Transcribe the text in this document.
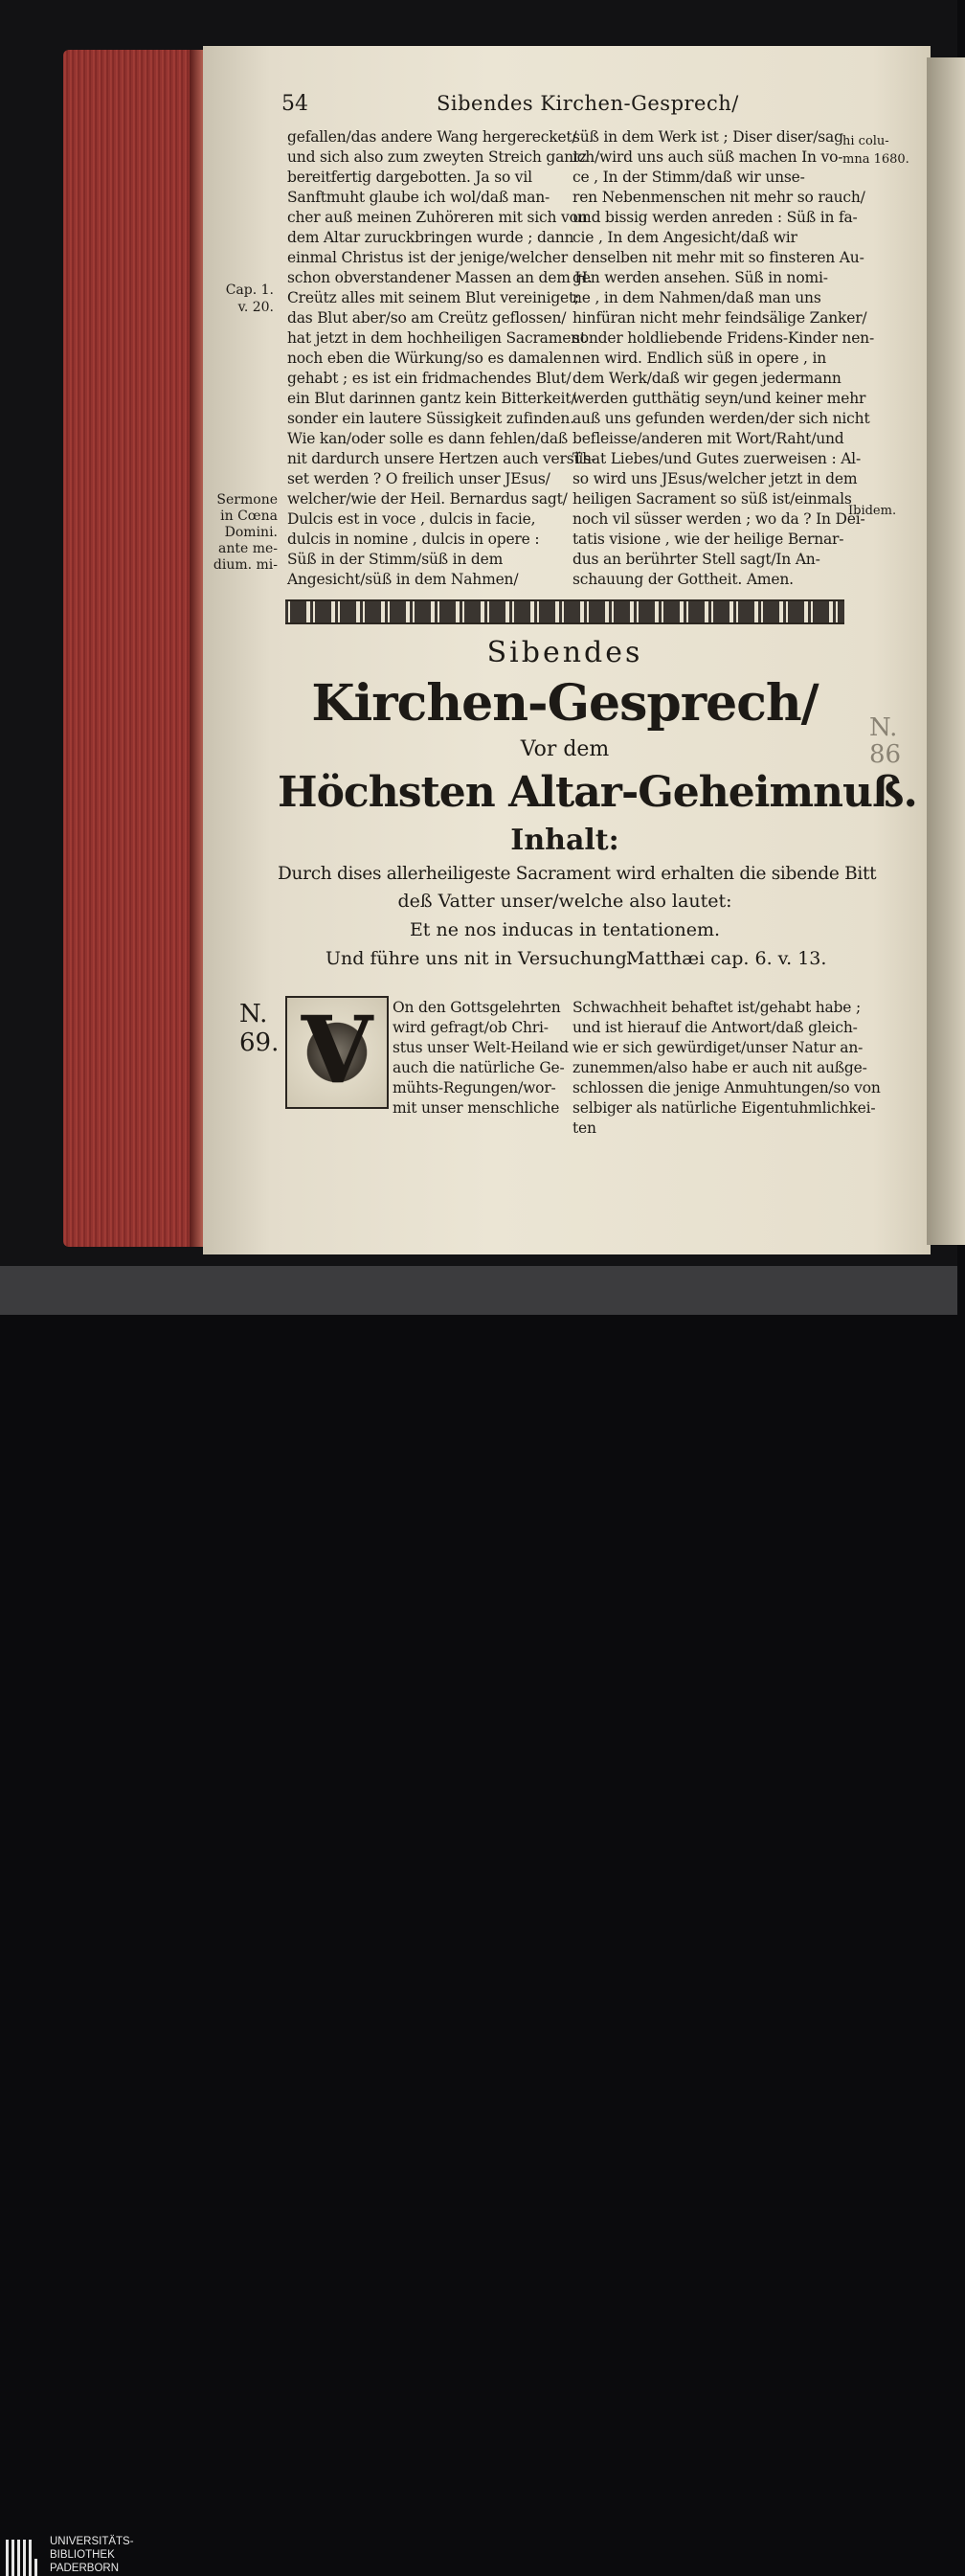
54	Sibendes Kirchen-Gesprech/
Cap. 1.
v. 20.
Sermone
in Cœna
Domini.
ante me-
dium. mi-
hi colu-
mna 1680.
Ibidem.
gefallen/das andere Wang hergerecket/
und sich also zum zweyten Streich gantz
bereitfertig dargebotten. Ja so vil
Sanftmuht glaube ich wol/daß man-
cher auß meinen Zuhöreren mit sich von
dem Altar zuruckbringen wurde ; dann
einmal Christus ist der jenige/welcher
schon obverstandener Massen an dem H.
Creütz alles mit seinem Blut vereiniget;
das Blut aber/so am Creütz geflossen/
hat jetzt in dem hochheiligen Sacrament
noch eben die Würkung/so es damalen
gehabt ; es ist ein fridmachendes Blut/
ein Blut darinnen gantz kein Bitterkeit/
sonder ein lautere Süssigkeit zufinden.
Wie kan/oder solle es dann fehlen/daß
nit dardurch unsere Hertzen auch versüs-
set werden ? O freilich unser JEsus/
welcher/wie der Heil. Bernardus sagt/
Dulcis est in voce , dulcis in facie,
dulcis in nomine , dulcis in opere :
Süß in der Stimm/süß in dem
Angesicht/süß in dem Nahmen/
süß in dem Werk ist ; Diser diser/sag
ich/wird uns auch süß machen In vo-
ce , In der Stimm/daß wir unse-
ren Nebenmenschen nit mehr so rauch/
und bissig werden anreden : Süß in fa-
cie , In dem Angesicht/daß wir
denselben nit mehr mit so finsteren Au-
gen werden ansehen. Süß in nomi-
ne , in dem Nahmen/daß man uns
hinfüran nicht mehr feindsälige Zanker/
sonder holdliebende Fridens-Kinder nen-
nen wird. Endlich süß in opere , in
dem Werk/daß wir gegen jedermann
werden gutthätig seyn/und keiner mehr
auß uns gefunden werden/der sich nicht
befleisse/anderen mit Wort/Raht/und
That Liebes/und Gutes zuerweisen : Al-
so wird uns JEsus/welcher jetzt in dem
heiligen Sacrament so süß ist/einmals
noch vil süsser werden ; wo da ? In Dei-
tatis visione , wie der heilige Bernar-
dus an berührter Stell sagt/In An-
schauung der Gottheit. Amen.
Sibendes
Kirchen-Gesprech/
Vor dem
Höchsten Altar-Geheimnuß.
Inhalt:
Durch dises allerheiligeste Sacrament wird erhalten die sibende Bitt
deß Vatter unser/welche also lautet:
Et ne nos inducas in tentationem.
Und führe uns nit in Versuchung.
Matthæi cap. 6. v. 13.
N.
69. V	On den Gottsgelehrten
wird gefragt/ob Chri-
stus unser Welt-Heiland
auch die natürliche Ge-
mühts-Regungen/wor-
mit unser menschliche
Schwachheit behaftet ist/gehabt habe ;
und ist hierauf die Antwort/daß gleich-
wie er sich gewürdiget/unser Natur an-
zunemmen/also habe er auch nit außge-
schlossen die jenige Anmuhtungen/so von
selbiger als natürliche Eigentuhmlichkei-
ten
N.
86
UNIVERSITÄTS-
BIBLIOTHEK
PADERBORN
